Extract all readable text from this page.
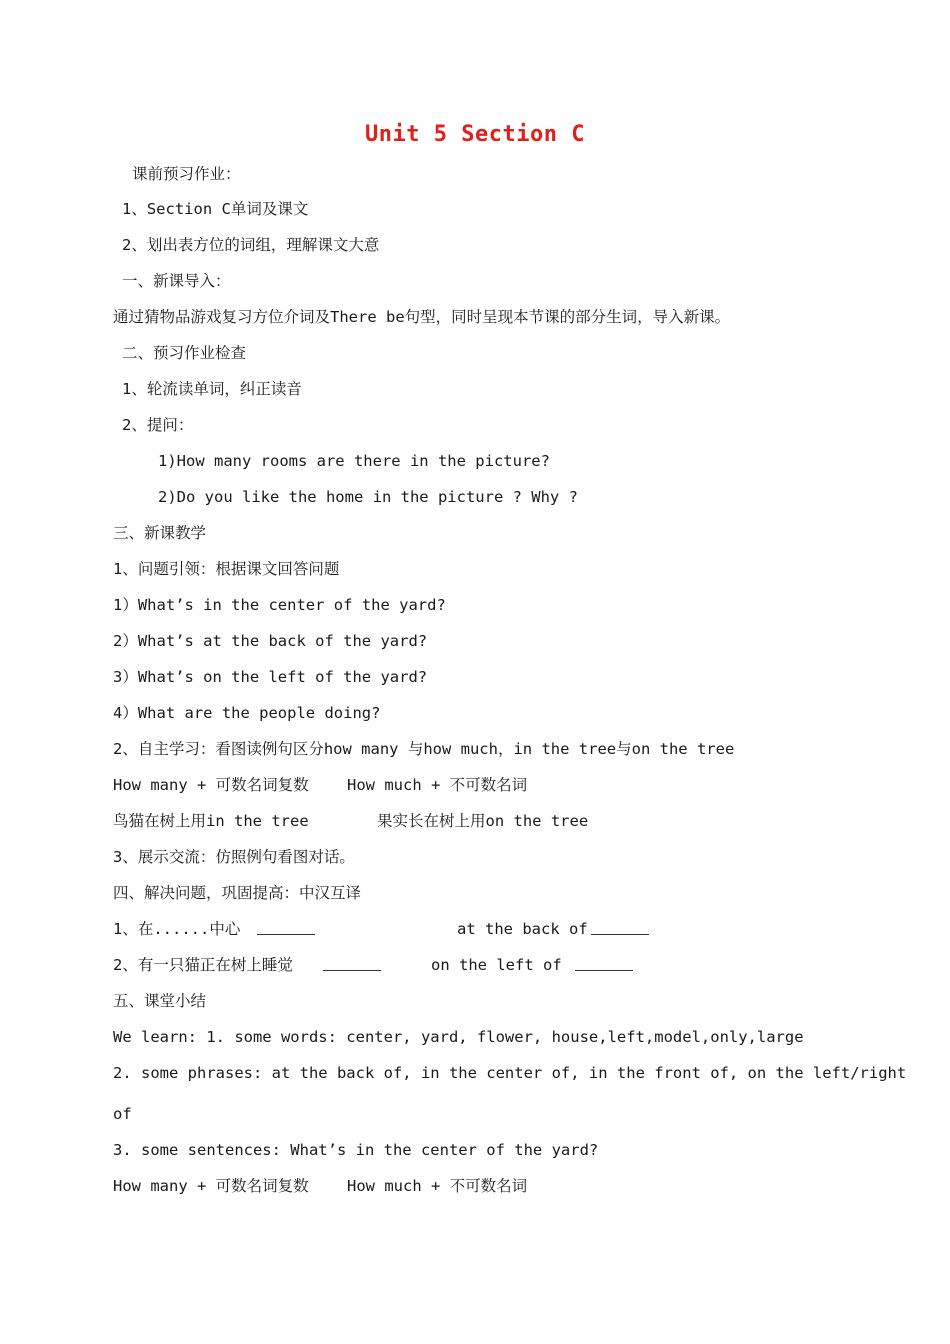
Unit 5 Section C
课前预习作业：
1、Section C单词及课文
2、划出表方位的词组，理解课文大意
一、新课导入：
通过猜物品游戏复习方位介词及There be句型，同时呈现本节课的部分生词，导入新课。
二、预习作业检查
1、轮流读单词，纠正读音
2、提问：
1)How many rooms are there in the picture?
2)Do you like the home in the picture ? Why ?
三、新课教学
1、问题引领：根据课文回答问题
1）What’s in the center of the yard?
2）What’s at the back of the yard?
3）What’s on the left of the yard?
4）What are the people doing?
2、自主学习：看图读例句区分how many 与how much，in the tree与on the tree
How many + 可数名词复数 How much + 不可数名词
鸟猫在树上用in the tree	果实长在树上用on the tree
3、展示交流：仿照例句看图对话。
四、解决问题，巩固提高：中汉互译
1、在......中心	at the back of
2、有一只猫正在树上睡觉	on the left of
五、课堂小结
We learn: 1. some words: center, yard, flower, house,left,model,only,large
2. some phrases: at the back of, in the center of, in the front of, on the left/right
of
3. some sentences: What’s in the center of the yard?
How many + 可数名词复数 How much + 不可数名词
